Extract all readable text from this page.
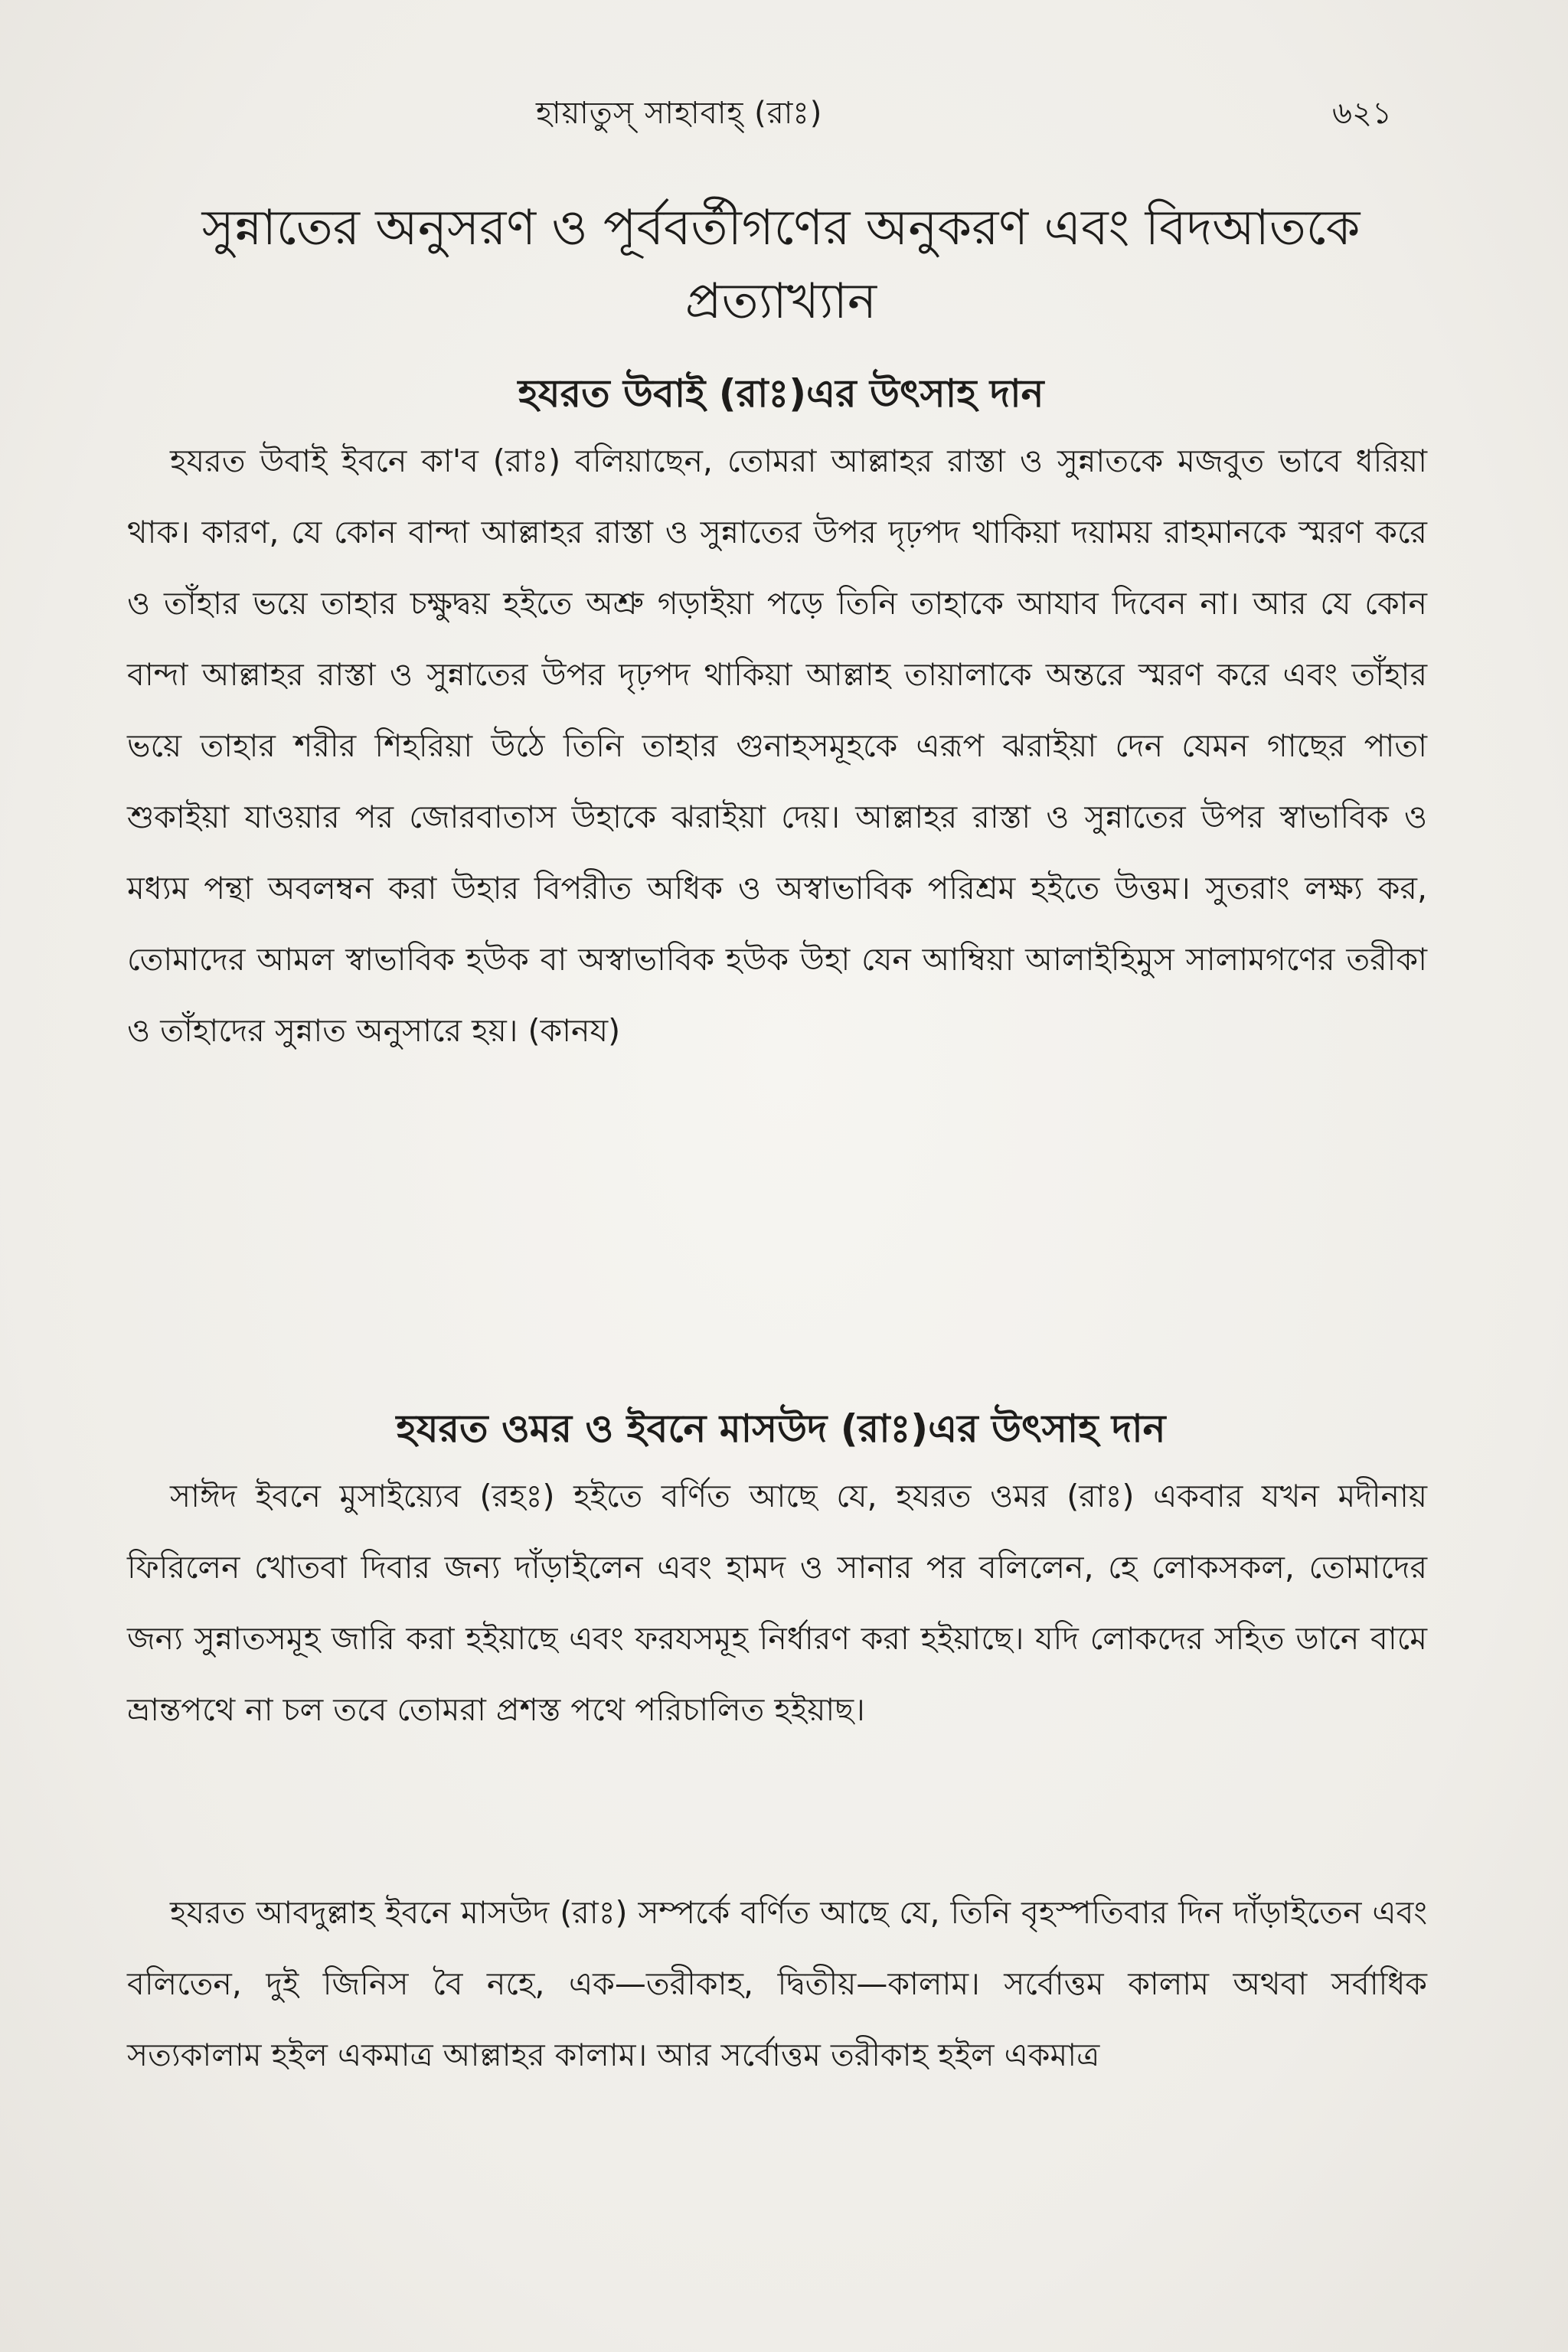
হায়াতুস্ সাহাবাহ্ (রাঃ)	৬২১
সুন্নাতের অনুসরণ ও পূর্ববর্তীগণের অনুকরণ এবং বিদআতকে প্রত্যাখ্যান
হযরত উবাই (রাঃ)এর উৎসাহ দান

হযরত উবাই ইবনে কা'ব (রাঃ) বলিয়াছেন, তোমরা আল্লাহর রাস্তা ও সুন্নাতকে মজবুত ভাবে ধরিয়া থাক। কারণ, যে কোন বান্দা আল্লাহর রাস্তা ও সুন্নাতের উপর দৃঢ়পদ থাকিয়া দয়াময় রাহমানকে স্মরণ করে ও তাঁহার ভয়ে তাহার চক্ষুদ্বয় হইতে অশ্রু গড়াইয়া পড়ে তিনি তাহাকে আযাব দিবেন না। আর যে কোন বান্দা আল্লাহর রাস্তা ও সুন্নাতের উপর দৃঢ়পদ থাকিয়া আল্লাহ তায়ালাকে অন্তরে স্মরণ করে এবং তাঁহার ভয়ে তাহার শরীর শিহরিয়া উঠে তিনি তাহার গুনাহসমূহকে এরূপ ঝরাইয়া দেন যেমন গাছের পাতা শুকাইয়া যাওয়ার পর জোরবাতাস উহাকে ঝরাইয়া দেয়। আল্লাহর রাস্তা ও সুন্নাতের উপর স্বাভাবিক ও মধ্যম পন্থা অবলম্বন করা উহার বিপরীত অধিক ও অস্বাভাবিক পরিশ্রম হইতে উত্তম। সুতরাং লক্ষ্য কর, তোমাদের আমল স্বাভাবিক হউক বা অস্বাভাবিক হউক উহা যেন আম্বিয়া আলাইহিমুস সালামগণের তরীকা ও তাঁহাদের সুন্নাত অনুসারে হয়। (কানয)

হযরত ওমর ও ইবনে মাসউদ (রাঃ)এর উৎসাহ দান

সাঈদ ইবনে মুসাইয়্যেব (রহঃ) হইতে বর্ণিত আছে যে, হযরত ওমর (রাঃ) একবার যখন মদীনায় ফিরিলেন খোতবা দিবার জন্য দাঁড়াইলেন এবং হামদ ও সানার পর বলিলেন, হে লোকসকল, তোমাদের জন্য সুন্নাতসমূহ জারি করা হইয়াছে এবং ফরযসমূহ নির্ধারণ করা হইয়াছে। যদি লোকদের সহিত ডানে বামে ভ্রান্তপথে না চল তবে তোমরা প্রশস্ত পথে পরিচালিত হইয়াছ।

হযরত আবদুল্লাহ ইবনে মাসউদ (রাঃ) সম্পর্কে বর্ণিত আছে যে, তিনি বৃহস্পতিবার দিন দাঁড়াইতেন এবং বলিতেন, দুই জিনিস বৈ নহে, এক—তরীকাহ, দ্বিতীয়—কালাম। সর্বোত্তম কালাম অথবা সর্বাধিক সত্যকালাম হইল একমাত্র আল্লাহর কালাম। আর সর্বোত্তম তরীকাহ হইল একমাত্র
